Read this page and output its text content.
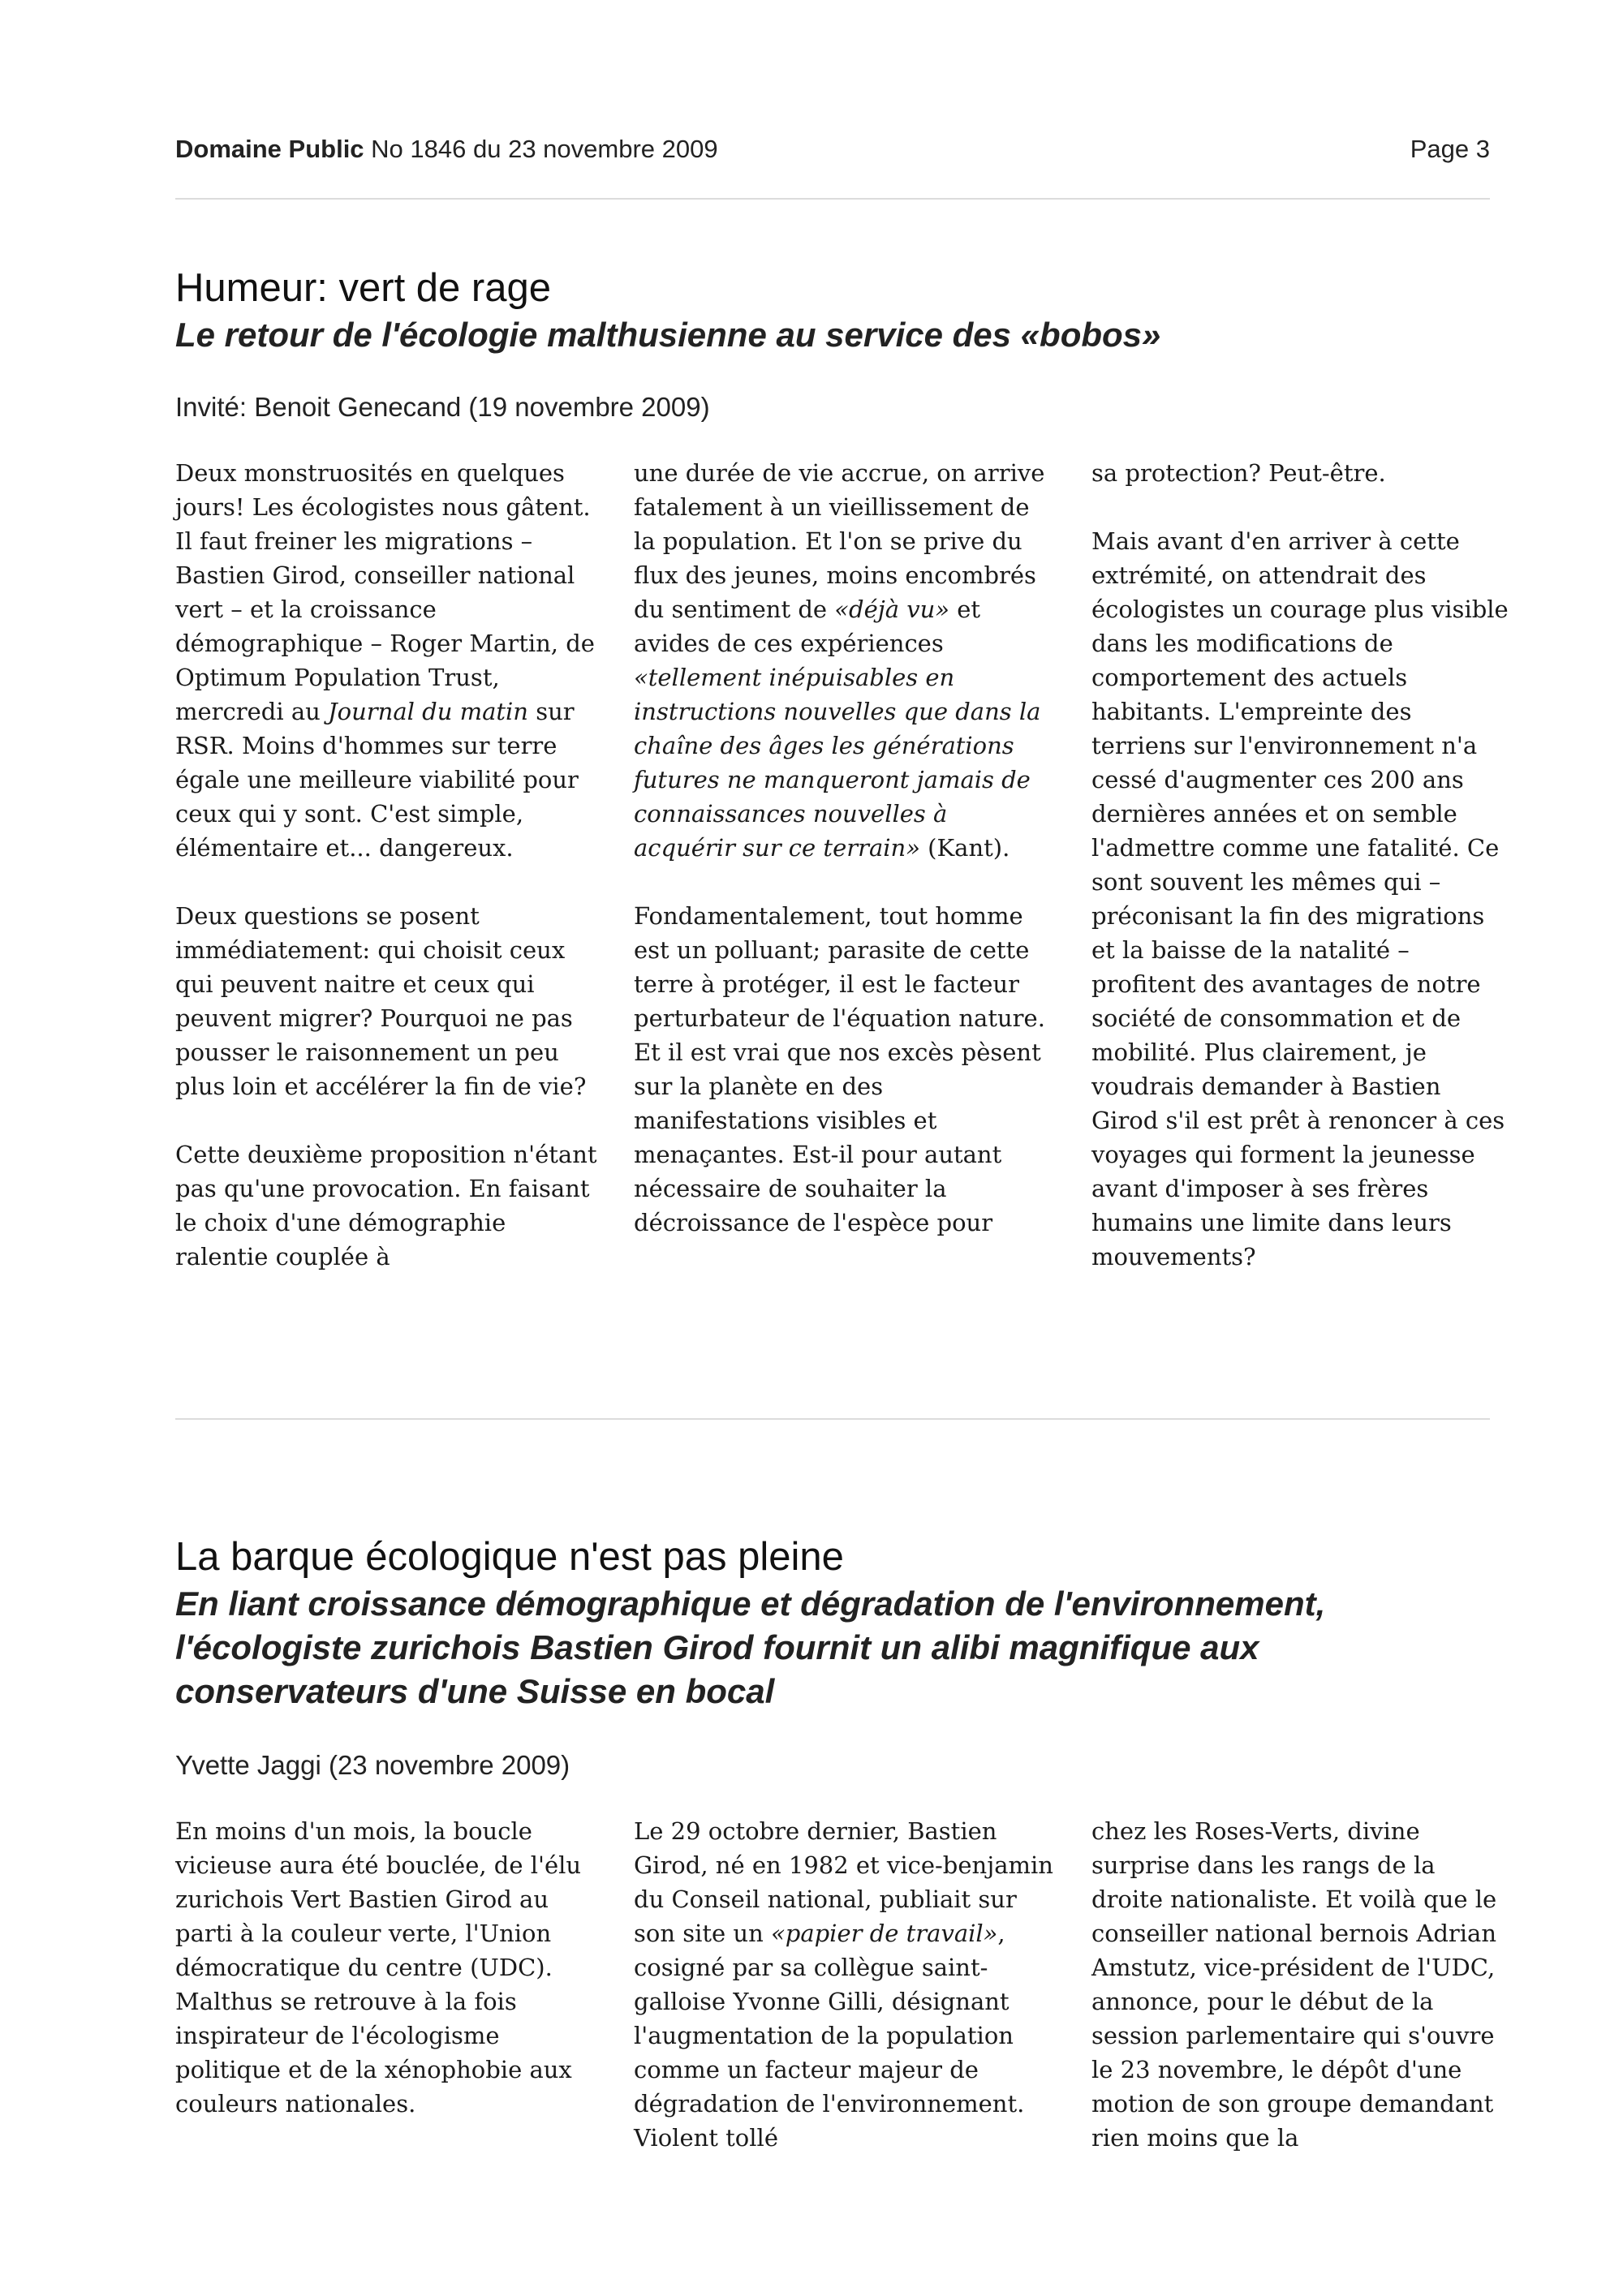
Domaine Public No 1846 du 23 novembre 2009	Page 3
Humeur: vert de rage
Le retour de l'écologie malthusienne au service des «bobos»
Invité: Benoit Genecand (19 novembre 2009)

Deux monstruosités en quelques jours! Les écologistes nous gâtent. Il faut freiner les migrations – Bastien Girod, conseiller national vert – et la croissance démographique – Roger Martin, de Optimum Population Trust, mercredi au Journal du matin sur RSR. Moins d'hommes sur terre égale une meilleure viabilité pour ceux qui y sont. C'est simple, élémentaire et... dangereux.

Deux questions se posent immédiatement: qui choisit ceux qui peuvent naitre et ceux qui peuvent migrer? Pourquoi ne pas pousser le raisonnement un peu plus loin et accélérer la fin de vie?

Cette deuxième proposition n'étant pas qu'une provocation. En faisant le choix d'une démographie ralentie couplée à

une durée de vie accrue, on arrive fatalement à un vieillissement de la population. Et l'on se prive du flux des jeunes, moins encombrés du sentiment de «déjà vu» et avides de ces expériences «tellement inépuisables en instructions nouvelles que dans la chaîne des âges les générations futures ne manqueront jamais de connaissances nouvelles à acquérir sur ce terrain» (Kant).

Fondamentalement, tout homme est un polluant; parasite de cette terre à protéger, il est le facteur perturbateur de l'équation nature. Et il est vrai que nos excès pèsent sur la planète en des manifestations visibles et menaçantes. Est-il pour autant nécessaire de souhaiter la décroissance de l'espèce pour

sa protection? Peut-être.

Mais avant d'en arriver à cette extrémité, on attendrait des écologistes un courage plus visible dans les modifications de comportement des actuels habitants. L'empreinte des terriens sur l'environnement n'a cessé d'augmenter ces 200 ans dernières années et on semble l'admettre comme une fatalité. Ce sont souvent les mêmes qui – préconisant la fin des migrations et la baisse de la natalité – profitent des avantages de notre société de consommation et de mobilité. Plus clairement, je voudrais demander à Bastien Girod s'il est prêt à renoncer à ces voyages qui forment la jeunesse avant d'imposer à ses frères humains une limite dans leurs mouvements?

La barque écologique n'est pas pleine
En liant croissance démographique et dégradation de l'environnement, l'écologiste zurichois Bastien Girod fournit un alibi magnifique aux conservateurs d'une Suisse en bocal
Yvette Jaggi (23 novembre 2009)

En moins d'un mois, la boucle vicieuse aura été bouclée, de l'élu zurichois Vert Bastien Girod au parti à la couleur verte, l'Union démocratique du centre (UDC). Malthus se retrouve à la fois inspirateur de l'écologisme politique et de la xénophobie aux couleurs nationales.

Le 29 octobre dernier, Bastien Girod, né en 1982 et vice-benjamin du Conseil national, publiait sur son site un «papier de travail», cosigné par sa collègue saint-galloise Yvonne Gilli, désignant l'augmentation de la population comme un facteur majeur de dégradation de l'environnement. Violent tollé

chez les Roses-Verts, divine surprise dans les rangs de la droite nationaliste. Et voilà que le conseiller national bernois Adrian Amstutz, vice-président de l'UDC, annonce, pour le début de la session parlementaire qui s'ouvre le 23 novembre, le dépôt d'une motion de son groupe demandant rien moins que la
